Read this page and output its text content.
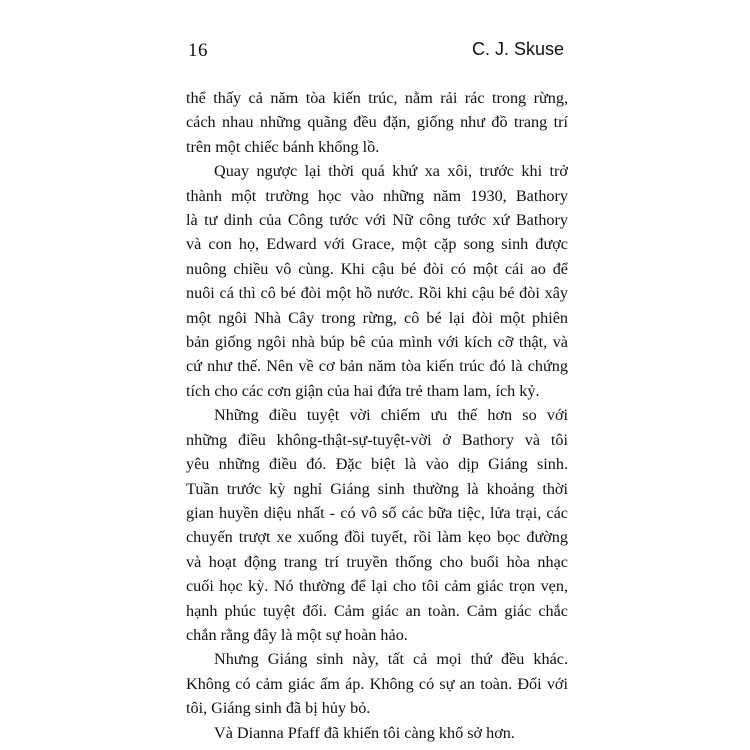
16	C. J. Skuse
thể thấy cả năm tòa kiến trúc, nằm rải rác trong rừng,
cách nhau những quãng đều đặn, giống như đồ trang trí
trên một chiếc bánh khổng lồ.
Quay ngược lại thời quá khứ xa xôi, trước khi trở
thành một trường học vào những năm 1930, Bathory
là tư dinh của Công tước với Nữ công tước xứ Bathory
và con họ, Edward với Grace, một cặp song sinh được
nuông chiều vô cùng. Khi cậu bé đòi có một cái ao để
nuôi cá thì cô bé đòi một hồ nước. Rồi khi cậu bé đòi xây
một ngôi Nhà Cây trong rừng, cô bé lại đòi một phiên
bản giống ngôi nhà búp bê của mình với kích cỡ thật, và
cứ như thế. Nên về cơ bản năm tòa kiến trúc đó là chứng
tích cho các cơn giận của hai đứa trẻ tham lam, ích kỷ.
Những điều tuyệt vời chiếm ưu thế hơn so với
những điều không-thật-sự-tuyệt-vời ở Bathory và tôi
yêu những điều đó. Đặc biệt là vào dịp Giáng sinh.
Tuần trước kỳ nghỉ Giáng sinh thường là khoảng thời
gian huyền diệu nhất - có vô số các bữa tiệc, lửa trại, các
chuyến trượt xe xuống đồi tuyết, rồi làm kẹo bọc đường
và hoạt động trang trí truyền thống cho buổi hòa nhạc
cuối học kỳ. Nó thường để lại cho tôi cảm giác trọn vẹn,
hạnh phúc tuyệt đối. Cảm giác an toàn. Cảm giác chắc
chắn rằng đây là một sự hoàn hảo.
Nhưng Giáng sinh này, tất cả mọi thứ đều khác.
Không có cảm giác ấm áp. Không có sự an toàn. Đối với
tôi, Giáng sinh đã bị hủy bỏ.
Và Dianna Pfaff đã khiến tôi càng khổ sở hơn.
